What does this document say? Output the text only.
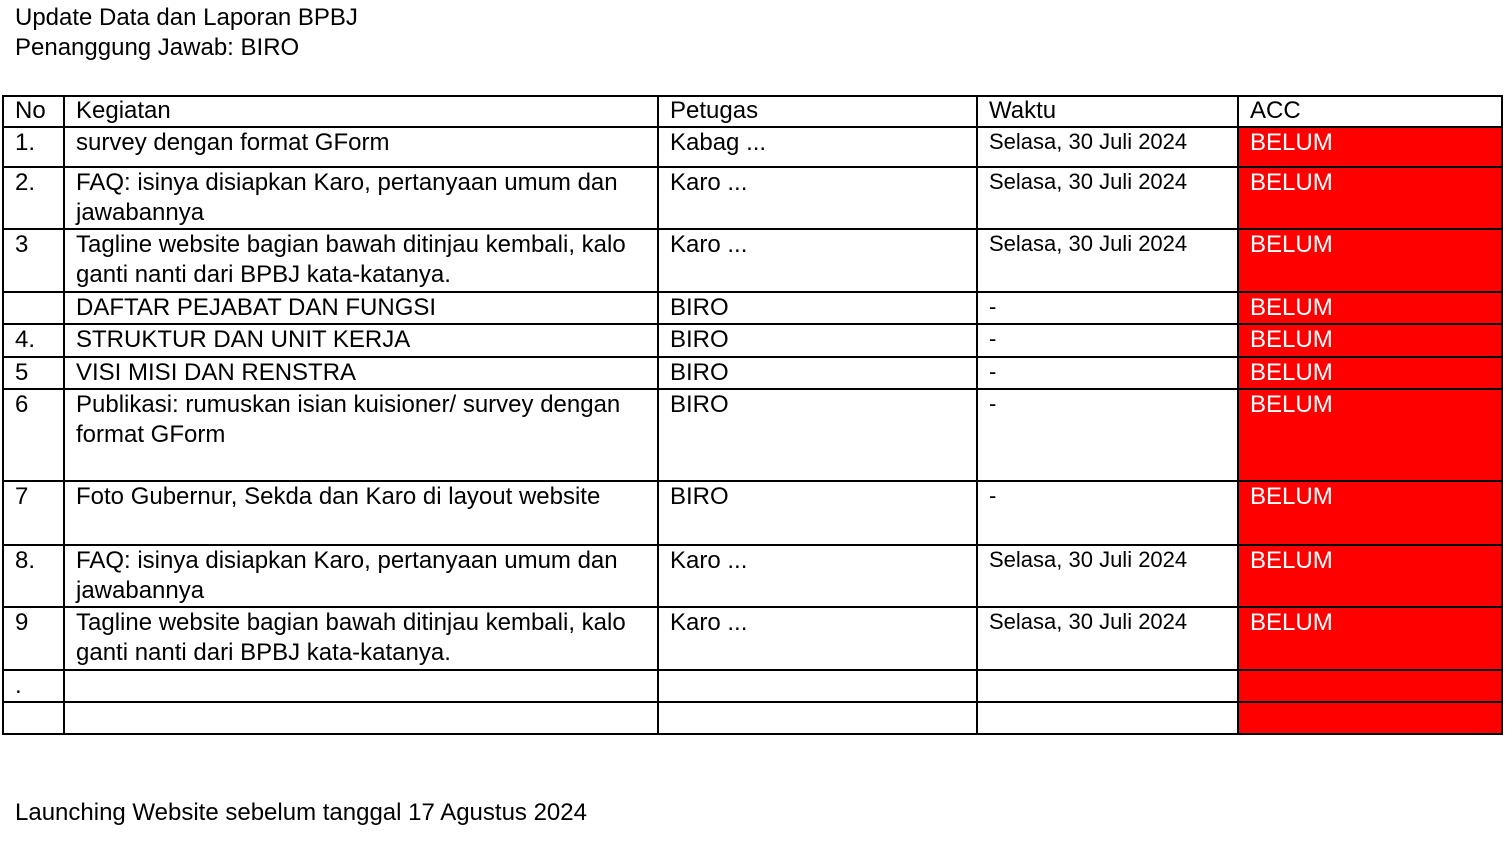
Update Data dan Laporan BPBJ
Penanggung Jawab: BIRO
No	Kegiatan	Petugas	Waktu	ACC
1.	survey dengan format GForm	Kabag ...	Selasa, 30 Juli 2024	BELUM
2.	FAQ: isinya disiapkan Karo, pertanyaan umum dan jawabannya	Karo ...	Selasa, 30 Juli 2024	BELUM
3	Tagline website bagian bawah ditinjau kembali, kalo ganti nanti dari BPBJ kata-katanya.	Karo ...	Selasa, 30 Juli 2024	BELUM
	DAFTAR PEJABAT DAN FUNGSI	BIRO	-	BELUM
4.	STRUKTUR DAN UNIT KERJA	BIRO	-	BELUM
5	VISI MISI DAN RENSTRA	BIRO	-	BELUM
6	Publikasi: rumuskan isian kuisioner/ survey dengan format GForm	BIRO	-	BELUM
7	Foto Gubernur, Sekda dan Karo di layout website	BIRO	-	BELUM
8.	FAQ: isinya disiapkan Karo, pertanyaan umum dan jawabannya	Karo ...	Selasa, 30 Juli 2024	BELUM
9	Tagline website bagian bawah ditinjau kembali, kalo ganti nanti dari BPBJ kata-katanya.	Karo ...	Selasa, 30 Juli 2024	BELUM
.				

Launching Website sebelum tanggal 17 Agustus 2024
